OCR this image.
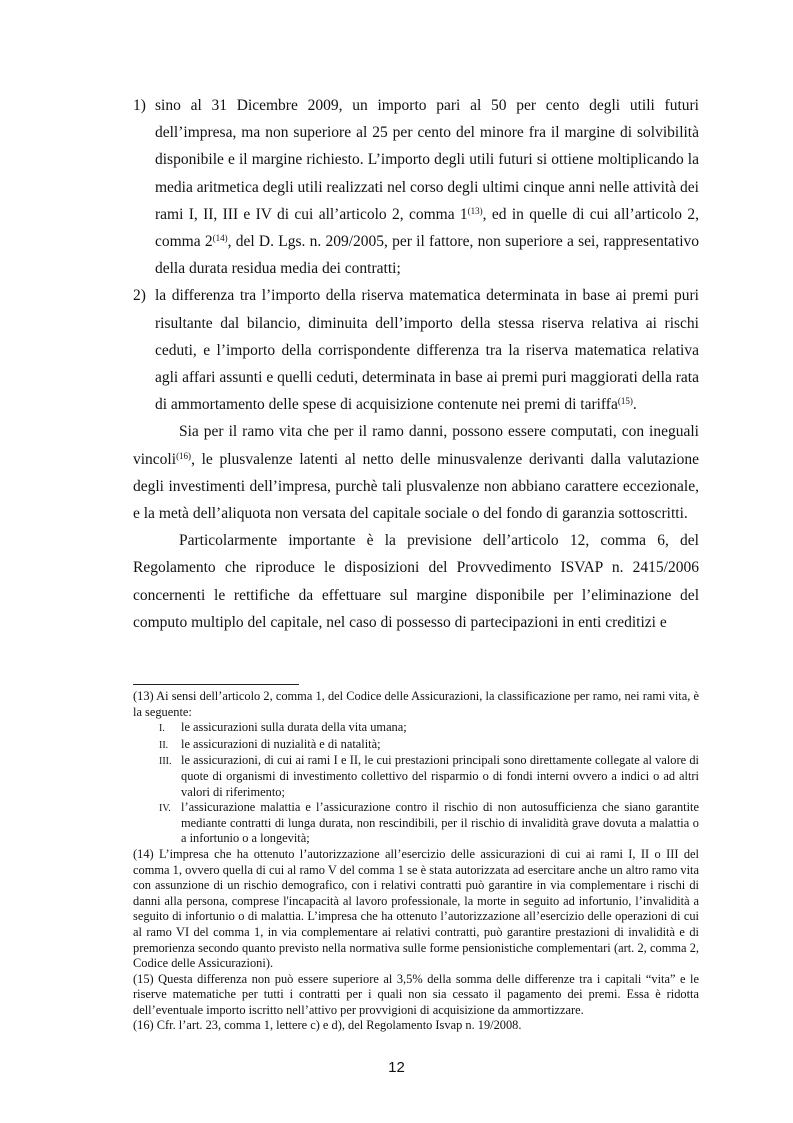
1) sino al 31 Dicembre 2009, un importo pari al 50 per cento degli utili futuri dell’impresa, ma non superiore al 25 per cento del minore fra il margine di solvibilità disponibile e il margine richiesto. L’importo degli utili futuri si ottiene moltiplicando la media aritmetica degli utili realizzati nel corso degli ultimi cinque anni nelle attività dei rami I, II, III e IV di cui all’articolo 2, comma 1$^{(13)}$, ed in quelle di cui all’articolo 2, comma 2$^{(14)}$, del D. Lgs. n. 209/2005, per il fattore, non superiore a sei, rappresentativo della durata residua media dei contratti;
2) la differenza tra l’importo della riserva matematica determinata in base ai premi puri risultante dal bilancio, diminuita dell’importo della stessa riserva relativa ai rischi ceduti, e l’importo della corrispondente differenza tra la riserva matematica relativa agli affari assunti e quelli ceduti, determinata in base ai premi puri maggiorati della rata di ammortamento delle spese di acquisizione contenute nei premi di tariffa$^{(15)}$.

Sia per il ramo vita che per il ramo danni, possono essere computati, con ineguali vincoli$^{(16)}$, le plusvalenze latenti al netto delle minusvalenze derivanti dalla valutazione degli investimenti dell’impresa, purchè tali plusvalenze non abbiano carattere eccezionale, e la metà dell’aliquota non versata del capitale sociale o del fondo di garanzia sottoscritti.

Particolarmente importante è la previsione dell’articolo 12, comma 6, del Regolamento che riproduce le disposizioni del Provvedimento ISVAP n. 2415/2006 concernenti le rettifiche da effettuare sul margine disponibile per l’eliminazione del computo multiplo del capitale, nel caso di possesso di partecipazioni in enti creditizi e

(13) Ai sensi dell’articolo 2, comma 1, del Codice delle Assicurazioni, la classificazione per ramo, nei rami vita, è la seguente:

I.	le assicurazioni sulla durata della vita umana;
II.	le assicurazioni di nuzialità e di natalità;
III. le assicurazioni, di cui ai rami I e II, le cui prestazioni principali sono direttamente collegate al valore di quote di organismi di investimento collettivo del risparmio o di fondi interni ovvero a indici o ad altri valori di riferimento;
IV. l’assicurazione malattia e l’assicurazione contro il rischio di non autosufficienza che siano garantite mediante contratti di lunga durata, non rescindibili, per il rischio di invalidità grave dovuta a malattia o a infortunio o a longevità;

(14) L’impresa che ha ottenuto l’autorizzazione all’esercizio delle assicurazioni di cui ai rami I, II o III del comma 1, ovvero quella di cui al ramo V del comma 1 se è stata autorizzata ad esercitare anche un altro ramo vita con assunzione di un rischio demografico, con i relativi contratti può garantire in via complementare i rischi di danni alla persona, comprese l'incapacità al lavoro professionale, la morte in seguito ad infortunio, l’invalidità a seguito di infortunio o di malattia. L’impresa che ha ottenuto l’autorizzazione all’esercizio delle operazioni di cui al ramo VI del comma 1, in via complementare ai relativi contratti, può garantire prestazioni di invalidità e di premorienza secondo quanto previsto nella normativa sulle forme pensionistiche complementari (art. 2, comma 2, Codice delle Assicurazioni).

(15) Questa differenza non può essere superiore al 3,5% della somma delle differenze tra i capitali “vita” e le riserve matematiche per tutti i contratti per i quali non sia cessato il pagamento dei premi. Essa è ridotta dell’eventuale importo iscritto nell’attivo per provvigioni di acquisizione da ammortizzare.

(16) Cfr. l’art. 23, comma 1, lettere c) e d), del Regolamento Isvap n. 19/2008.

12
